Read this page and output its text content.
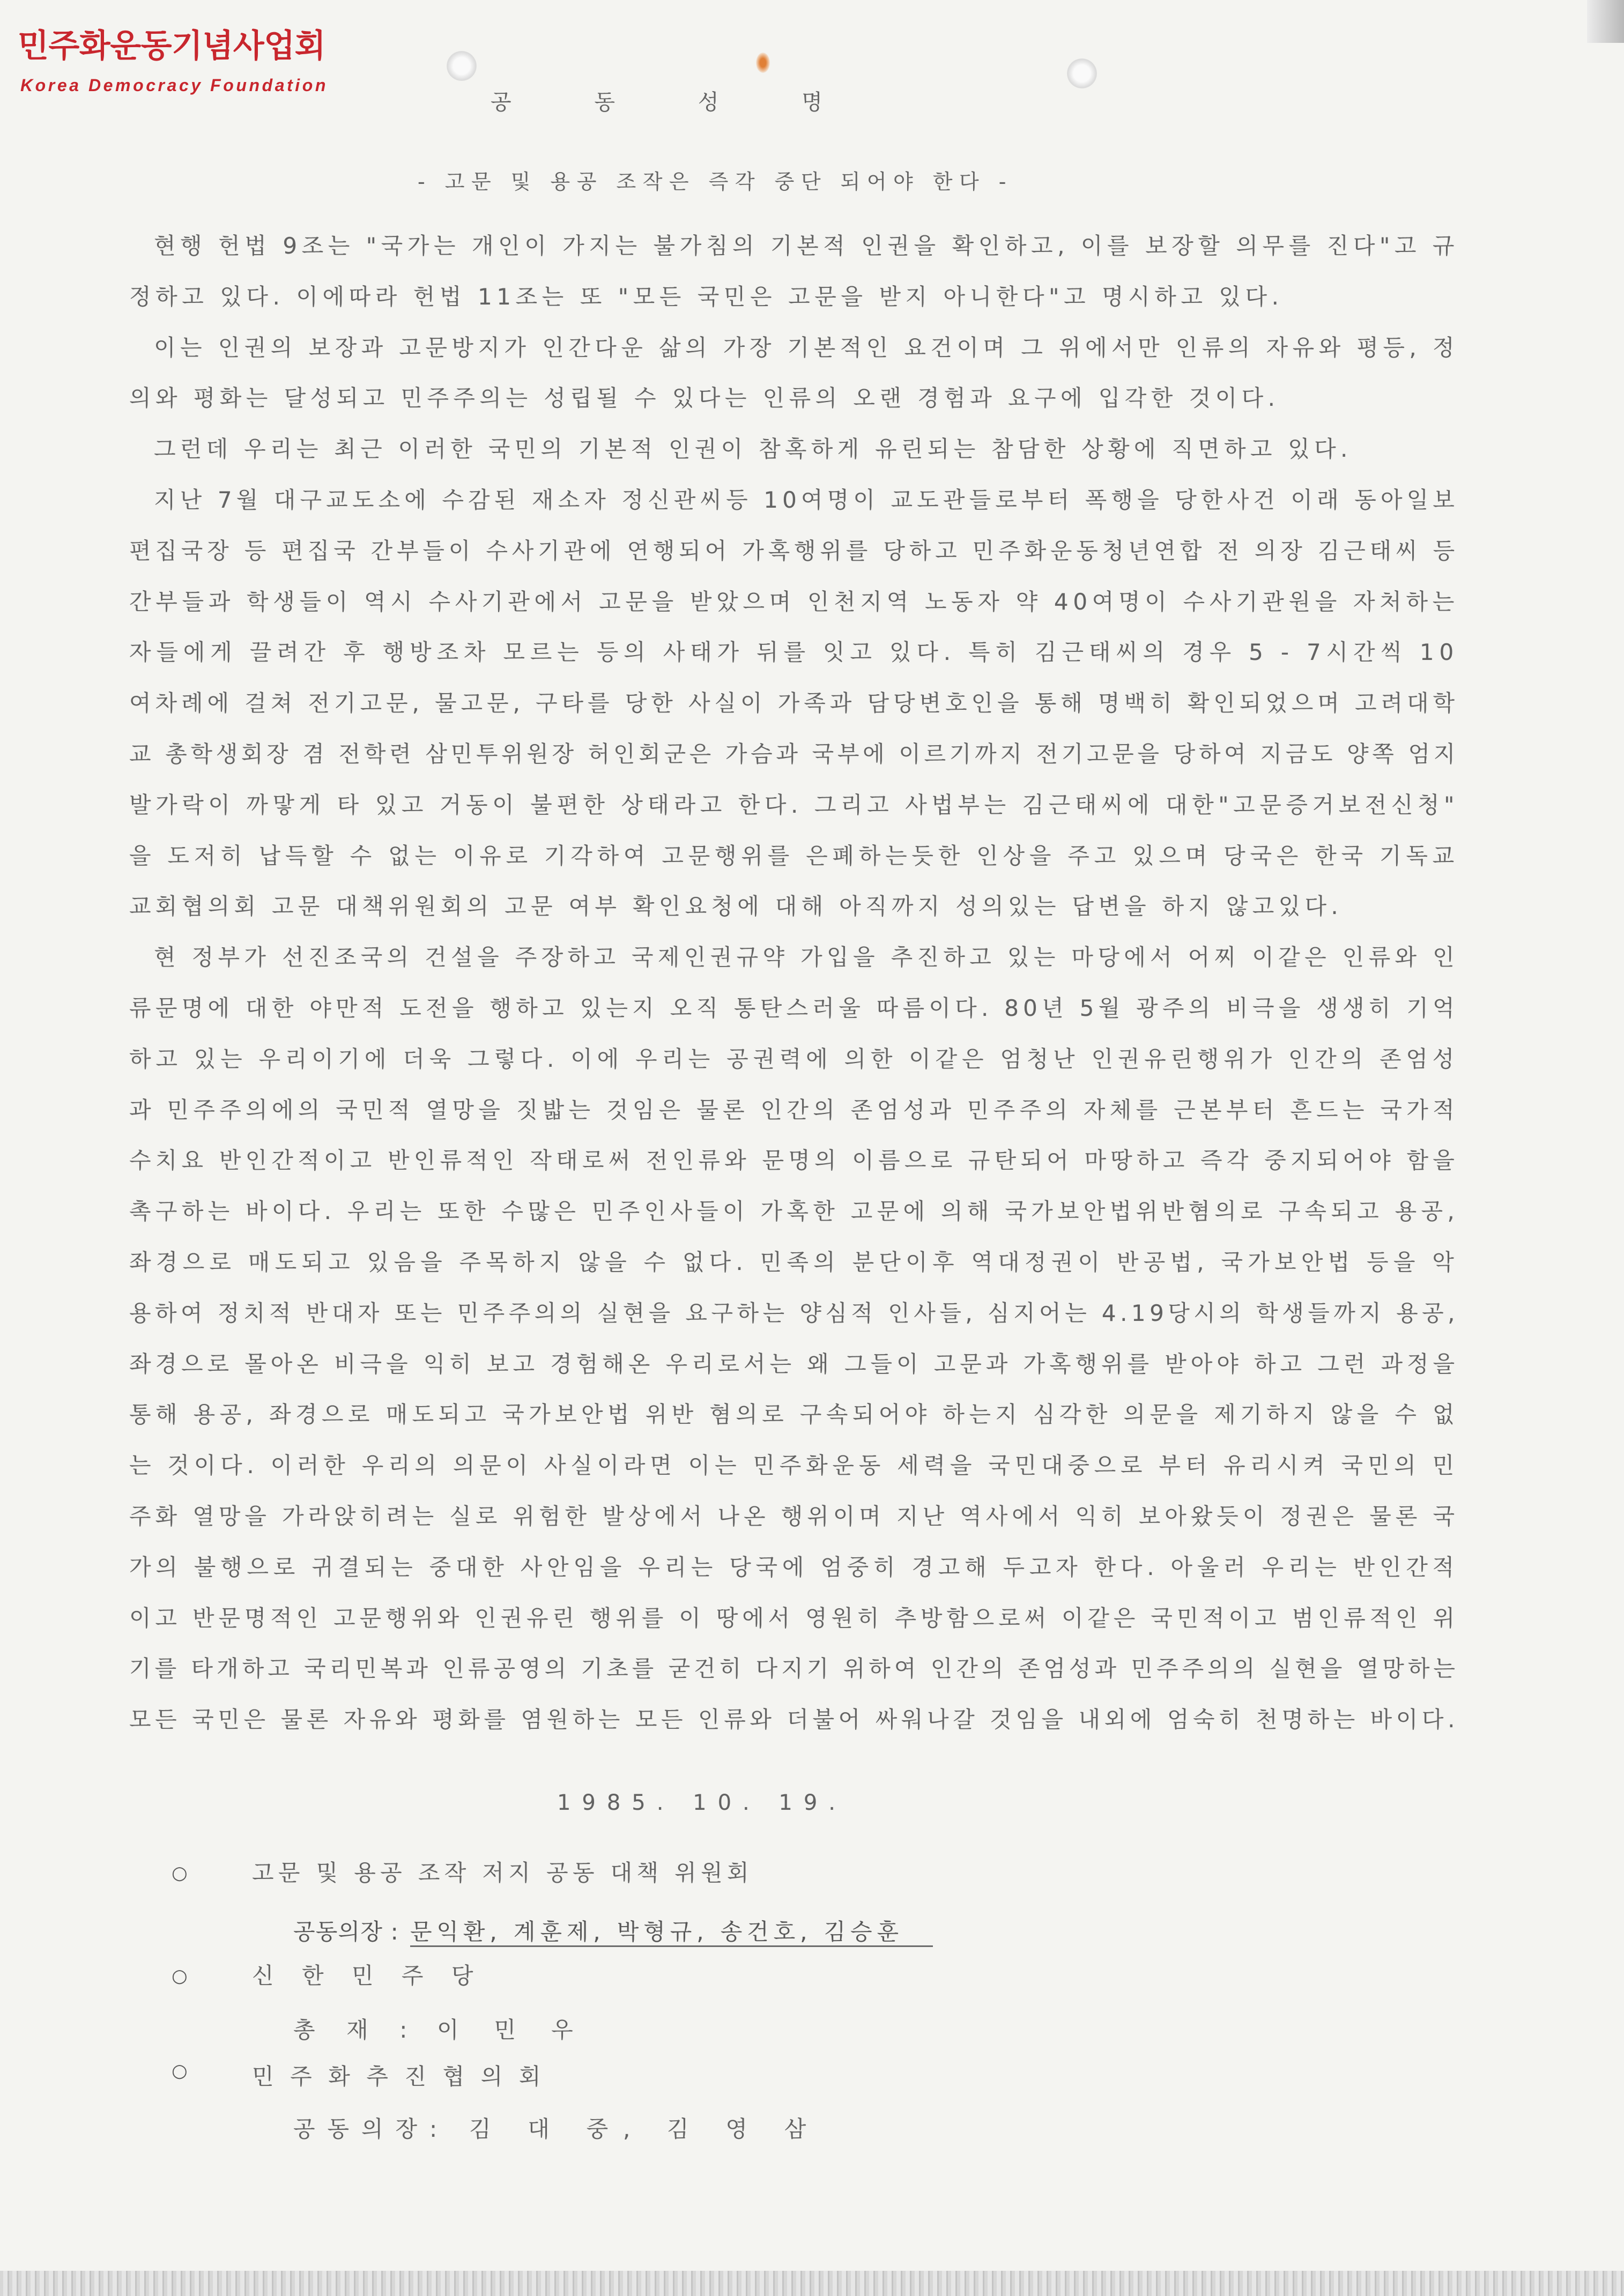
민주화운동기념사업회
Korea Democracy Foundation
공 동 성 명
- 고문 및 용공 조작은 즉각 중단 되어야 한다 -
현행 헌법 9조는 "국가는 개인이 가지는 불가침의 기본적 인권을 확인하고, 이를 보장할 의무를 진다"고 규
정하고 있다. 이에따라 헌법 11조는 또 "모든 국민은 고문을 받지 아니한다"고 명시하고 있다.
이는 인권의 보장과 고문방지가 인간다운 삶의 가장 기본적인 요건이며 그 위에서만 인류의 자유와 평등, 정
의와 평화는 달성되고 민주주의는 성립될 수 있다는 인류의 오랜 경험과 요구에 입각한 것이다.
그런데 우리는 최근 이러한 국민의 기본적 인권이 참혹하게 유린되는 참담한 상황에 직면하고 있다.
지난 7월 대구교도소에 수감된 재소자 정신관씨등 10여명이 교도관들로부터 폭행을 당한사건 이래 동아일보
편집국장 등 편집국 간부들이 수사기관에 연행되어 가혹행위를 당하고 민주화운동청년연합 전 의장 김근태씨 등
간부들과 학생들이 역시 수사기관에서 고문을 받았으며 인천지역 노동자 약 40여명이 수사기관원을 자처하는
자들에게 끌려간 후 행방조차 모르는 등의 사태가 뒤를 잇고 있다. 특히 김근태씨의 경우 5 - 7시간씩 10
여차례에 걸쳐 전기고문, 물고문, 구타를 당한 사실이 가족과 담당변호인을 통해 명백히 확인되었으며 고려대학
교 총학생회장 겸 전학련 삼민투위원장 허인회군은 가슴과 국부에 이르기까지 전기고문을 당하여 지금도 양쪽 엄지
발가락이 까맣게 타 있고 거동이 불편한 상태라고 한다. 그리고 사법부는 김근태씨에 대한"고문증거보전신청"
을 도저히 납득할 수 없는 이유로 기각하여 고문행위를 은폐하는듯한 인상을 주고 있으며 당국은 한국 기독교
교회협의회 고문 대책위원회의 고문 여부 확인요청에 대해 아직까지 성의있는 답변을 하지 않고있다.
현 정부가 선진조국의 건설을 주장하고 국제인권규약 가입을 추진하고 있는 마당에서 어찌 이같은 인류와 인
류문명에 대한 야만적 도전을 행하고 있는지 오직 통탄스러울 따름이다. 80년 5월 광주의 비극을 생생히 기억
하고 있는 우리이기에 더욱 그렇다. 이에 우리는 공권력에 의한 이같은 엄청난 인권유린행위가 인간의 존엄성
과 민주주의에의 국민적 열망을 짓밟는 것임은 물론 인간의 존엄성과 민주주의 자체를 근본부터 흔드는 국가적
수치요 반인간적이고 반인류적인 작태로써 전인류와 문명의 이름으로 규탄되어 마땅하고 즉각 중지되어야 함을
촉구하는 바이다. 우리는 또한 수많은 민주인사들이 가혹한 고문에 의해 국가보안법위반혐의로 구속되고 용공,
좌경으로 매도되고 있음을 주목하지 않을 수 없다. 민족의 분단이후 역대정권이 반공법, 국가보안법 등을 악
용하여 정치적 반대자 또는 민주주의의 실현을 요구하는 양심적 인사들, 심지어는 4.19당시의 학생들까지 용공,
좌경으로 몰아온 비극을 익히 보고 경험해온 우리로서는 왜 그들이 고문과 가혹행위를 받아야 하고 그런 과정을
통해 용공, 좌경으로 매도되고 국가보안법 위반 혐의로 구속되어야 하는지 심각한 의문을 제기하지 않을 수 없
는 것이다. 이러한 우리의 의문이 사실이라면 이는 민주화운동 세력을 국민대중으로 부터 유리시켜 국민의 민
주화 열망을 가라앉히려는 실로 위험한 발상에서 나온 행위이며 지난 역사에서 익히 보아왔듯이 정권은 물론 국
가의 불행으로 귀결되는 중대한 사안임을 우리는 당국에 엄중히 경고해 두고자 한다. 아울러 우리는 반인간적
이고 반문명적인 고문행위와 인권유린 행위를 이 땅에서 영원히 추방함으로써 이같은 국민적이고 범인류적인 위
기를 타개하고 국리민복과 인류공영의 기초를 굳건히 다지기 위하여 인간의 존엄성과 민주주의의 실현을 열망하는
모든 국민은 물론 자유와 평화를 염원하는 모든 인류와 더불어 싸워나갈 것임을 내외에 엄숙히 천명하는 바이다.
1985. 10. 19.
○	고문 및 용공 조작 저지 공동 대책 위원회
공동의장 : 문익환, 계훈제, 박형규, 송건호, 김승훈
○	신 한 민 주 당
총 재 : 이 민 우
○	민 주 화 추 진 협 의 회
공 동 의 장 : 김 대 중, 김 영 삼
